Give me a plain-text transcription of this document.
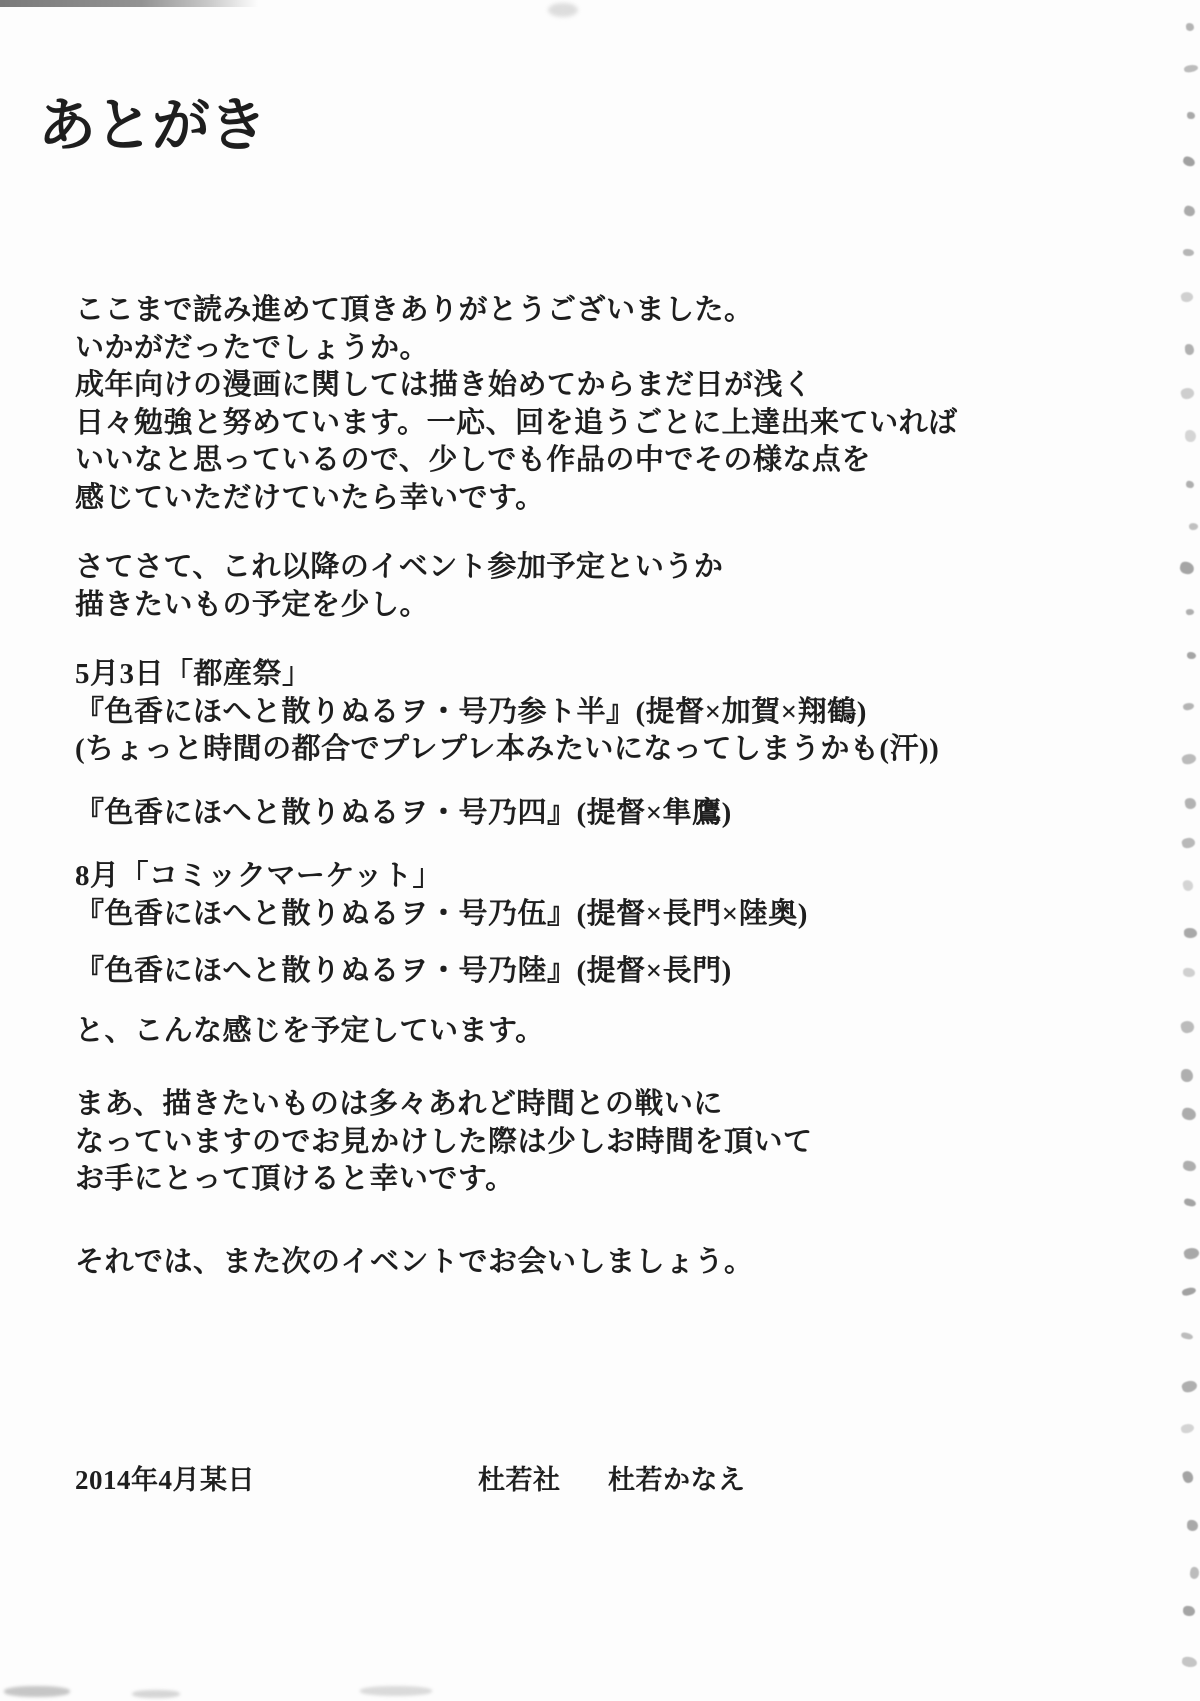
あとがき

ここまで読み進めて頂きありがとうございました。
いかがだったでしょうか。
成年向けの漫画に関しては描き始めてからまだ日が浅く
日々勉強と努めています。一応、回を追うごとに上達出来ていれば
いいなと思っているので、少しでも作品の中でその様な点を
感じていただけていたら幸いです。

さてさて、これ以降のイベント参加予定というか
描きたいもの予定を少し。

5月3日「都産祭」
『色香にほへと散りぬるヲ・号乃参ト半』(提督×加賀×翔鶴)
(ちょっと時間の都合でプレプレ本みたいになってしまうかも(汗))

『色香にほへと散りぬるヲ・号乃四』(提督×隼鷹)

8月「コミックマーケット」
『色香にほへと散りぬるヲ・号乃伍』(提督×長門×陸奥)

『色香にほへと散りぬるヲ・号乃陸』(提督×長門)

と、こんな感じを予定しています。

まあ、描きたいものは多々あれど時間との戦いに
なっていますのでお見かけした際は少しお時間を頂いて
お手にとって頂けると幸いです。

それでは、また次のイベントでお会いしましょう。

2014年4月某日	杜若社 杜若かなえ
